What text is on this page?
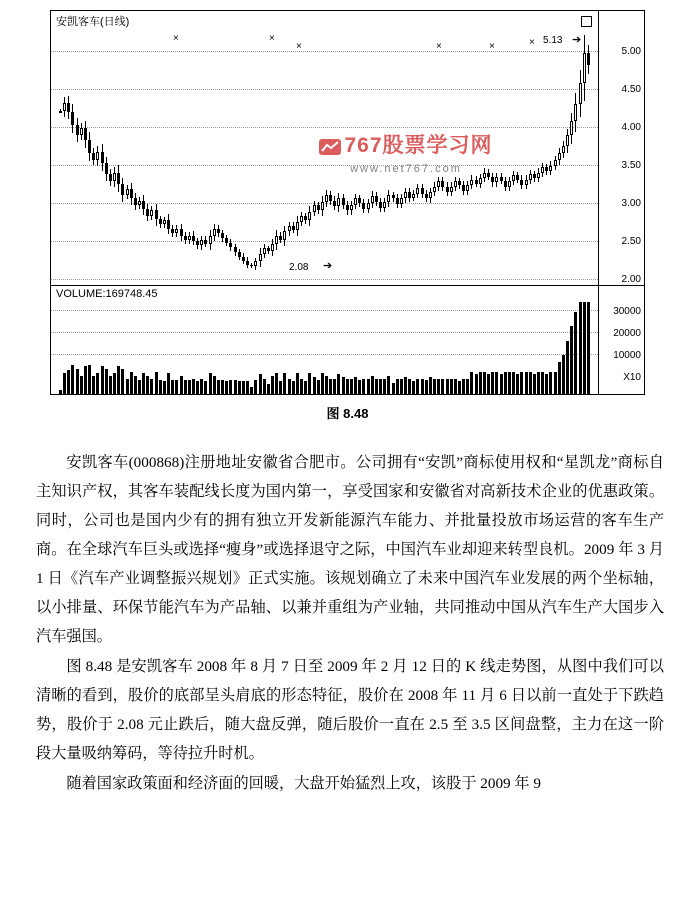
安凯客车(日线)
×	×
×	×	×	×
5.00
4.50
4.00
3.50
3.00
2.50
2.00
5.13 ➔
2.08 ➔
767股票学习网
www.net767.com
VOLUME:169748.45
30000
20000
10000
X10
图 8.48

安凯客车(000868)注册地址安徽省合肥市。公司拥有“安凯”商标使用权和“星凯龙”商标自主知识产权，其客车装配线长度为国内第一，享受国家和安徽省对高新技术企业的优惠政策。同时，公司也是国内少有的拥有独立开发新能源汽车能力、并批量投放市场运营的客车生产商。在全球汽车巨头或选择“瘦身”或选择退守之际，中国汽车业却迎来转型良机。2009 年 3 月 1 日《汽车产业调整振兴规划》正式实施。该规划确立了未来中国汽车业发展的两个坐标轴，以小排量、环保节能汽车为产品轴、以兼并重组为产业轴，共同推动中国从汽车生产大国步入汽车强国。

图 8.48 是安凯客车 2008 年 8 月 7 日至 2009 年 2 月 12 日的 K 线走势图，从图中我们可以清晰的看到，股价的底部呈头肩底的形态特征，股价在 2008 年 11 月 6 日以前一直处于下跌趋势，股价于 2.08 元止跌后，随大盘反弹，随后股价一直在 2.5 至 3.5 区间盘整，主力在这一阶段大量吸纳筹码，等待拉升时机。

随着国家政策面和经济面的回暖，大盘开始猛烈上攻，该股于 2009 年 9
